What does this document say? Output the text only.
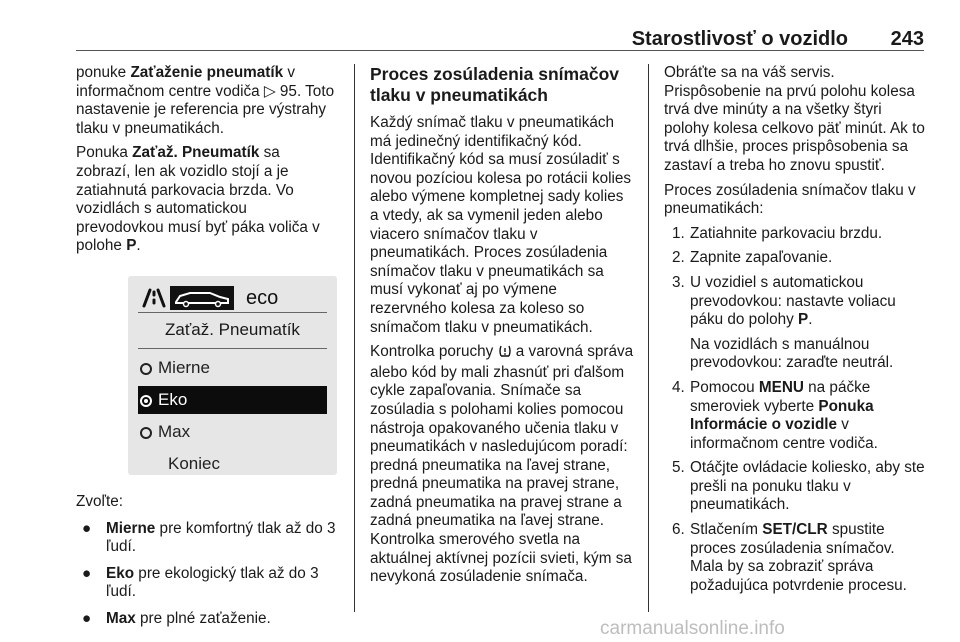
Starostlivosť o vozidlo 243

ponuke Zaťaženie pneumatík v informačnom centre vodiča ▷ 95. Toto nastavenie je referencia pre výstrahy tlaku v pneumatikách.

Ponuka Zaťaž. Pneumatík sa zobrazí, len ak vozidlo stojí a je zatiahnutá parkovacia brzda. Vo vozidlách s automatickou prevodovkou musí byť páka voliča v polohe P.

eco
Zaťaž. Pneumatík
Mierne
Eko
Max
Koniec

Zvoľte:

● Mierne pre komfortný tlak až do 3 ľudí.
● Eko pre ekologický tlak až do 3 ľudí.
● Max pre plné zaťaženie.
Proces zosúladenia snímačov tlaku v pneumatikách

Každý snímač tlaku v pneumatikách má jedinečný identifikačný kód. Identifikačný kód sa musí zosúladiť s novou pozíciou kolesa po rotácii kolies alebo výmene kompletnej sady kolies a vtedy, ak sa vymenil jeden alebo viacero snímačov tlaku v pneumatikách. Proces zosúladenia snímačov tlaku v pneumatikách sa musí vykonať aj po výmene rezervného kolesa za koleso so snímačom tlaku v pneumatikách.

Kontrolka poruchy  a varovná správa alebo kód by mali zhasnúť pri ďalšom cykle zapaľovania. Snímače sa zosúladia s polohami kolies pomocou nástroja opakovaného učenia tlaku v pneumatikách v nasledujúcom poradí: predná pneumatika na ľavej strane, predná pneumatika na pravej strane, zadná pneumatika na pravej strane a zadná pneumatika na ľavej strane. Kontrolka smerového svetla na aktuálnej aktívnej pozícii svieti, kým sa nevykoná zosúladenie snímača.

Obráťte sa na váš servis. Prispôsobenie na prvú polohu kolesa trvá dve minúty a na všetky štyri polohy kolesa celkovo päť minút. Ak to trvá dlhšie, proces prispôsobenia sa zastaví a treba ho znovu spustiť.

Proces zosúladenia snímačov tlaku v pneumatikách:

1. Zatiahnite parkovaciu brzdu.
2. Zapnite zapaľovanie.
3. U vozidiel s automatickou prevodovkou: nastavte voliacu páku do polohy P.
Na vozidlách s manuálnou prevodovkou: zaraďte neutrál.
4. Pomocou MENU na páčke smeroviek vyberte Ponuka Informácie o vozidle v informačnom centre vodiča.
5. Otáčjte ovládacie koliesko, aby ste prešli na ponuku tlaku v pneumatikách.
6. Stlačením SET/CLR spustite proces zosúladenia snímačov. Mala by sa zobraziť správa požadujúca potvrdenie procesu.
carmanualsonline.info
